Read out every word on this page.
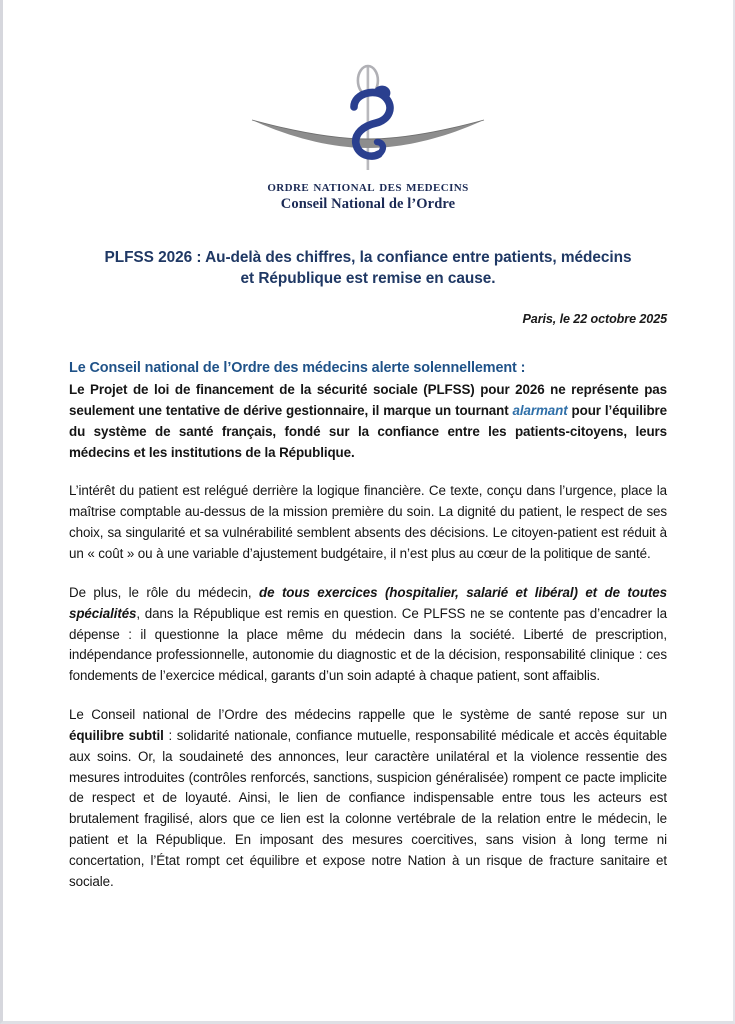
ordre national des medecins
Conseil National de l’Ordre
PLFSS 2026 : Au-delà des chiffres, la confiance entre patients, médecins
et République est remise en cause.
Paris, le 22 octobre 2025
Le Conseil national de l’Ordre des médecins alerte solennellement :

Le Projet de loi de financement de la sécurité sociale (PLFSS) pour 2026 ne représente pas seulement une tentative de dérive gestionnaire, il marque un tournant alarmant pour l’équilibre du système de santé français, fondé sur la confiance entre les patients-citoyens, leurs médecins et les institutions de la République.

L’intérêt du patient est relégué derrière la logique financière. Ce texte, conçu dans l’urgence, place la maîtrise comptable au-dessus de la mission première du soin. La dignité du patient, le respect de ses choix, sa singularité et sa vulnérabilité semblent absents des décisions. Le citoyen-patient est réduit à un « coût » ou à une variable d’ajustement budgétaire, il n’est plus au cœur de la politique de santé.

De plus, le rôle du médecin, de tous exercices (hospitalier, salarié et libéral) et de toutes spécialités, dans la République est remis en question. Ce PLFSS ne se contente pas d’encadrer la dépense : il questionne la place même du médecin dans la société. Liberté de prescription, indépendance professionnelle, autonomie du diagnostic et de la décision, responsabilité clinique : ces fondements de l’exercice médical, garants d’un soin adapté à chaque patient, sont affaiblis.

Le Conseil national de l’Ordre des médecins rappelle que le système de santé repose sur un équilibre subtil : solidarité nationale, confiance mutuelle, responsabilité médicale et accès équitable aux soins. Or, la soudaineté des annonces, leur caractère unilatéral et la violence ressentie des mesures introduites (contrôles renforcés, sanctions, suspicion généralisée) rompent ce pacte implicite de respect et de loyauté. Ainsi, le lien de confiance indispensable entre tous les acteurs est brutalement fragilisé, alors que ce lien est la colonne vertébrale de la relation entre le médecin, le patient et la République. En imposant des mesures coercitives, sans vision à long terme ni concertation, l’État rompt cet équilibre et expose notre Nation à un risque de fracture sanitaire et sociale.
